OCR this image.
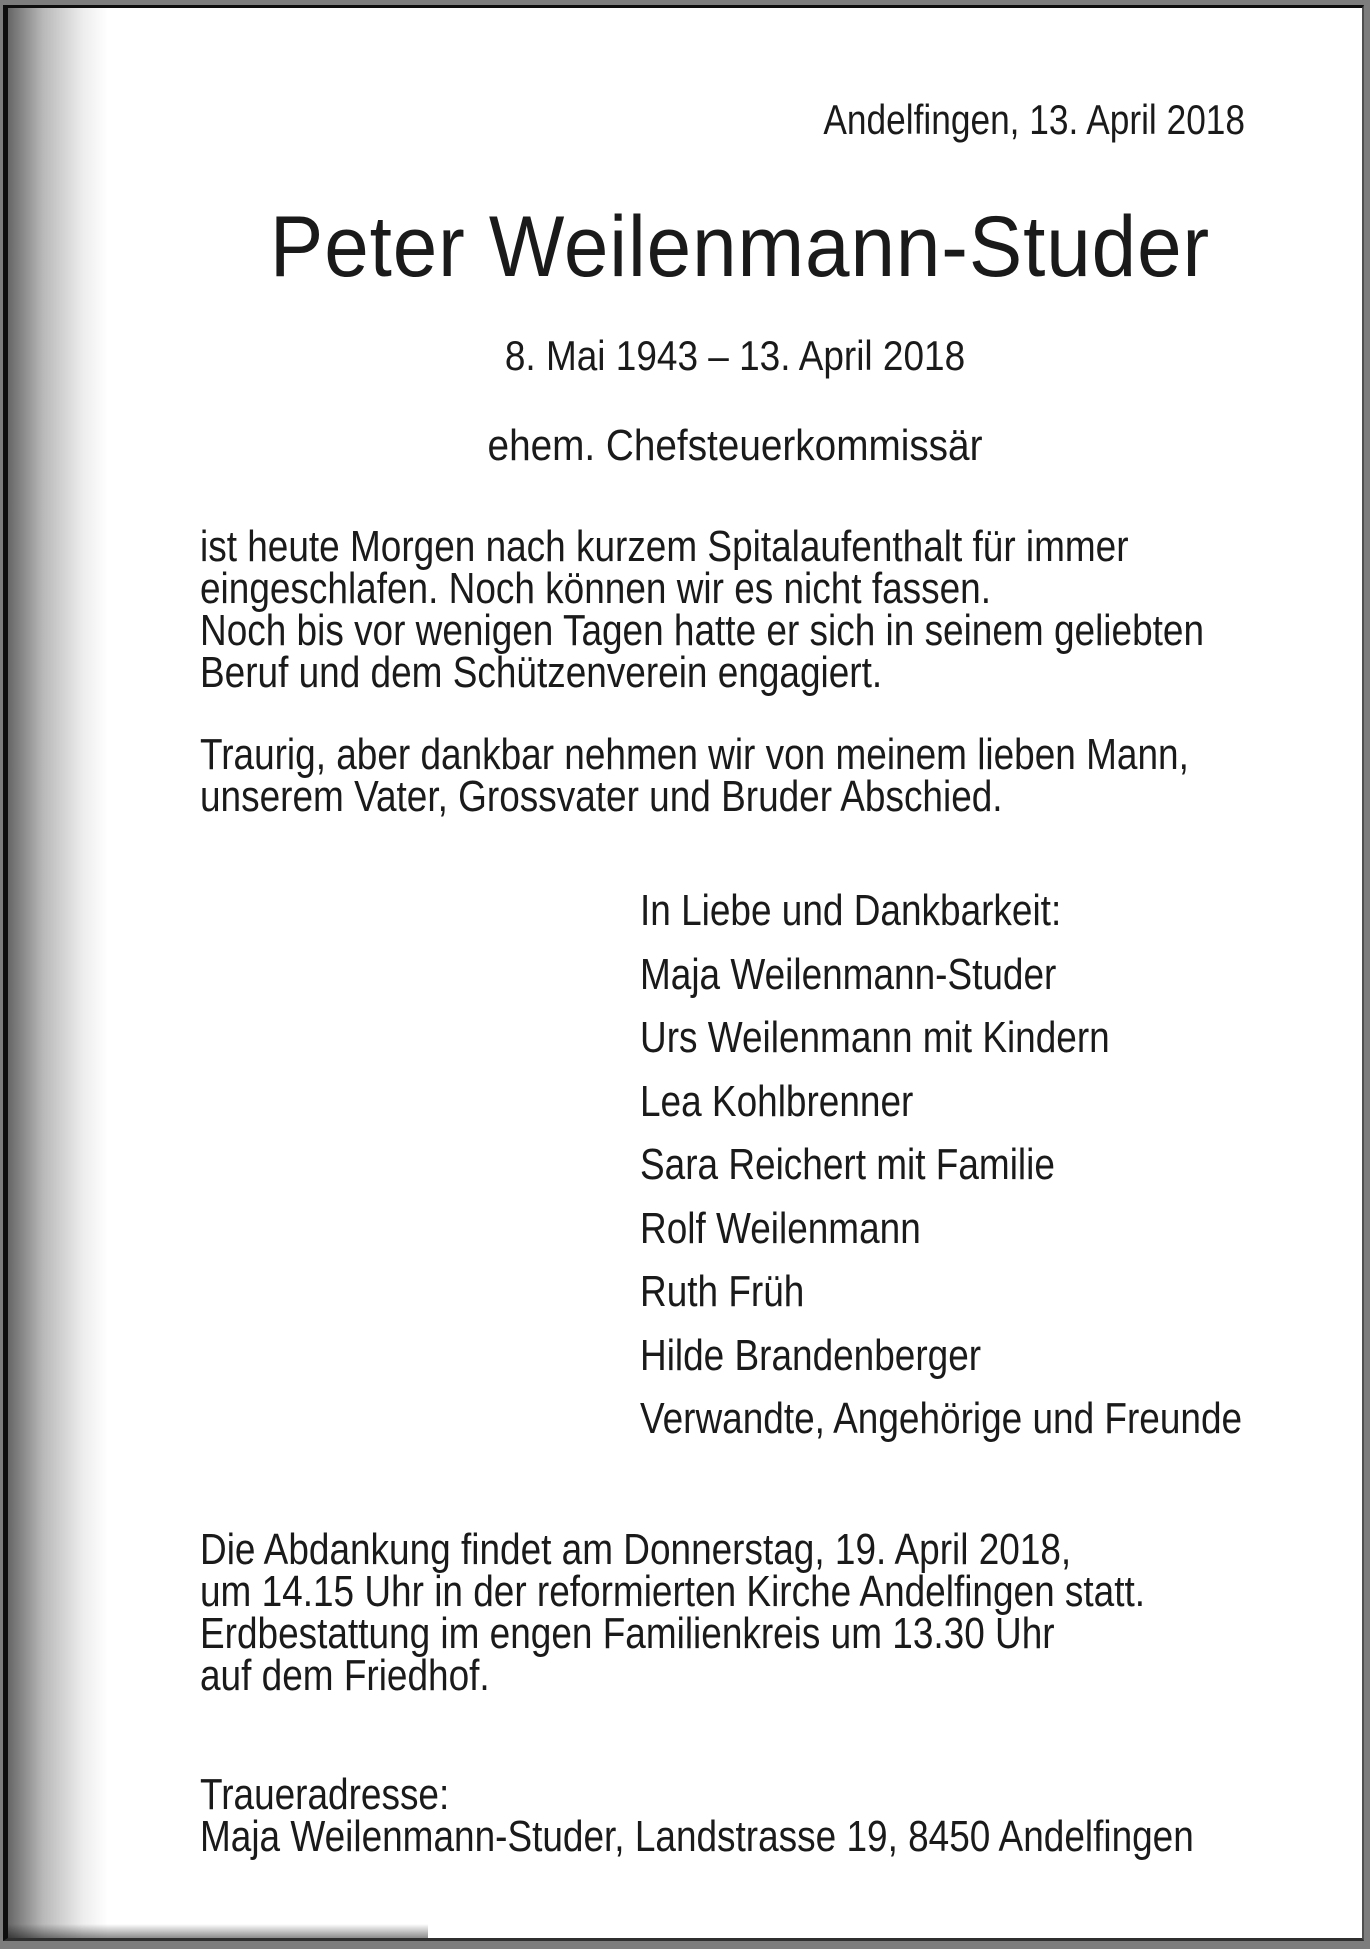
Andelfingen, 13. April 2018
Peter Weilenmann-Studer
8. Mai 1943 – 13. April 2018
ehem. Chefsteuerkommissär
ist heute Morgen nach kurzem Spitalaufenthalt für immer
eingeschlafen. Noch können wir es nicht fassen.
Noch bis vor wenigen Tagen hatte er sich in seinem geliebten
Beruf und dem Schützenverein engagiert.
Traurig, aber dankbar nehmen wir von meinem lieben Mann,
unserem Vater, Grossvater und Bruder Abschied.
In Liebe und Dankbarkeit:
Maja Weilenmann-Studer
Urs Weilenmann mit Kindern
Lea Kohlbrenner
Sara Reichert mit Familie
Rolf Weilenmann
Ruth Früh
Hilde Brandenberger
Verwandte, Angehörige und Freunde
Die Abdankung findet am Donnerstag, 19. April 2018,
um 14.15 Uhr in der reformierten Kirche Andelfingen statt.
Erdbestattung im engen Familienkreis um 13.30 Uhr
auf dem Friedhof.
Traueradresse:
Maja Weilenmann-Studer, Landstrasse 19, 8450 Andelfingen
